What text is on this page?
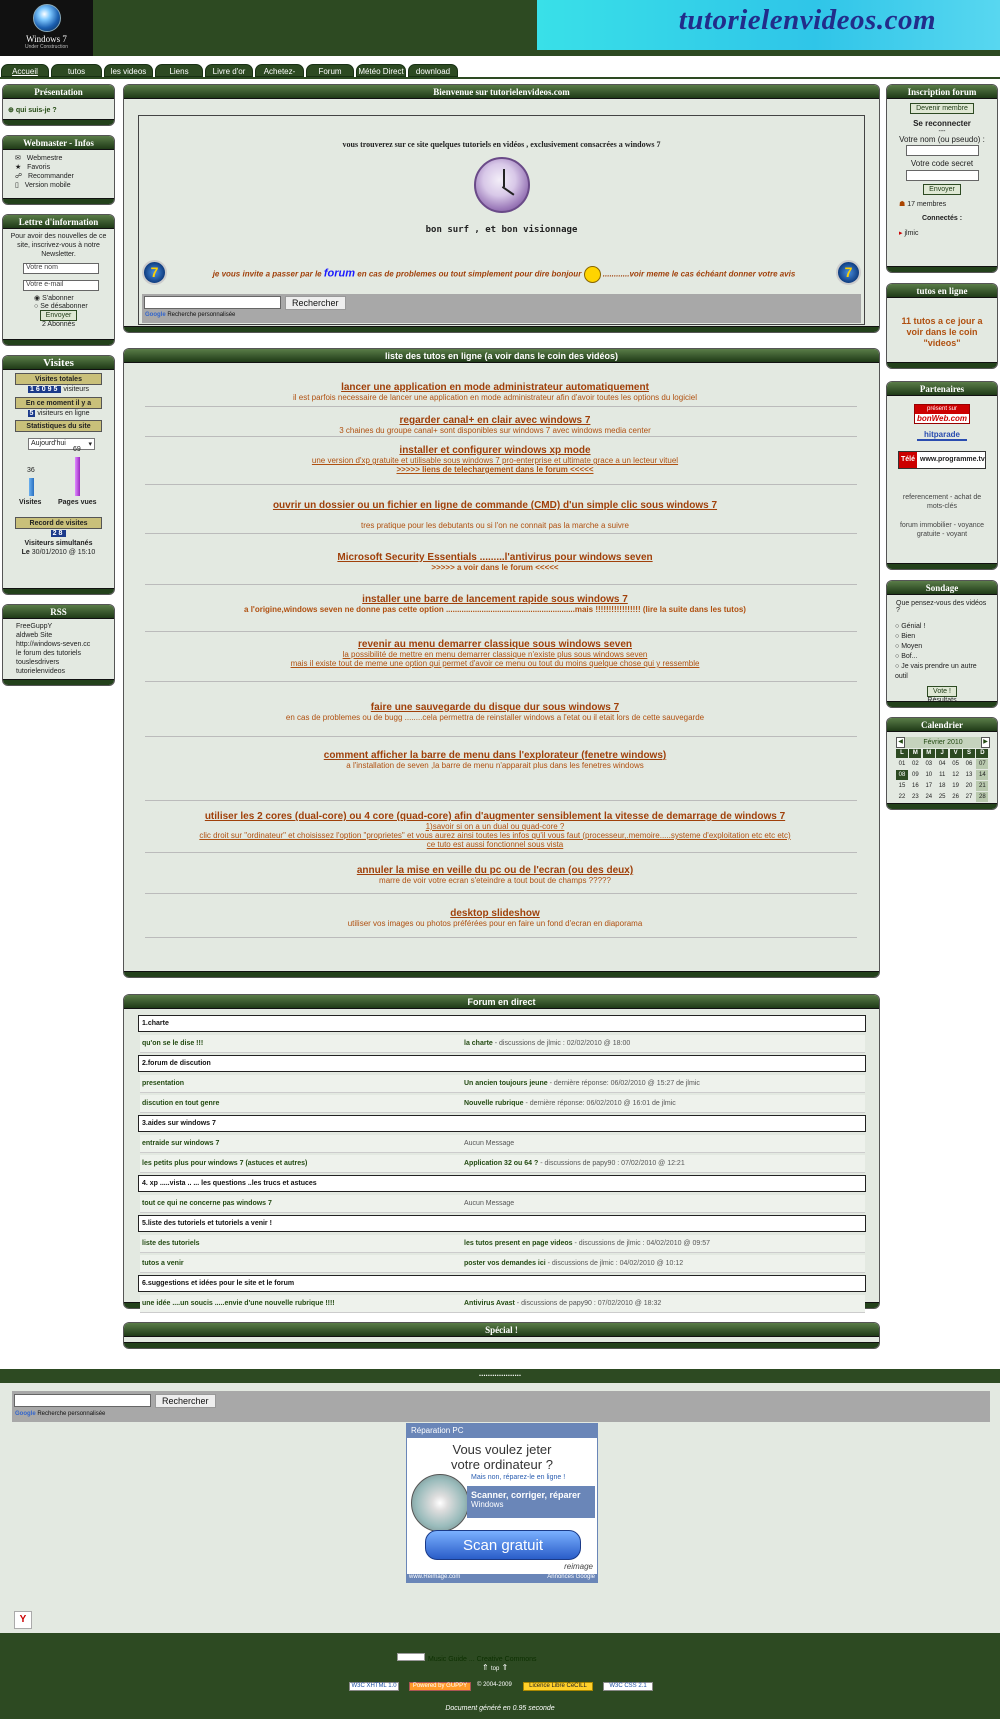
Windows 7
Under Construction
tutorielenvideos.com
Accueil	tutos	les videos	Liens	Livre d'or	Achetez-	Forum	Météo Direct	download
Présentation
⊕ qui suis-je ?
Webmaster - Infos
✉ Webmestre
★ Favoris
☍ Recommander
▯ Version mobile
Lettre d'information
Pour avoir des nouvelles de ce site, inscrivez-vous à notre Newsletter.
Votre nom
Votre e-mail
◉ S'abonner
○ Se désabonner
Envoyer
2 Abonnés
Visites
Visites totales
16095 visiteurs
En ce moment il y a
5 visiteurs en ligne
Statistiques du site
Aujourd'hui	▾
36
69
Visites Pages vues
Record de visites
28
Visiteurs simultanés
Le 30/01/2010 @ 15:10
RSS
FreeGuppY
aldweb Site
http://windows-seven.cc
le forum des tutoriels
touslesdrivers
tutorielenvideos
Bienvenue sur tutorielenvideos.com
vous trouverez sur ce site quelques tutoriels en vidéos , exclusivement consacrées a windows 7
bon surf , et bon visionnage
7	7
je vous invite a passer par le forum en cas de problemes ou tout simplement pour dire bonjour	............voir meme le cas échéant donner votre avis
Rechercher
Google Recherche personnalisée
liste des tutos en ligne (a voir dans le coin des vidéos)
lancer une application en mode administrateur automatiquement
il est parfois necessaire de lancer une application en mode administrateur afin d'avoir toutes les options du logiciel
regarder canal+ en clair avec windows 7
3 chaines du groupe canal+ sont disponibles sur windows 7 avec windows media center
installer et configurer windows xp mode
une version d'xp gratuite et utilisable sous windows 7 pro-enterprise et ultimate grace a un lecteur vituel
>>>>> liens de telechargement dans le forum <<<<<
ouvrir un dossier ou un fichier en ligne de commande (CMD) d'un simple clic sous windows 7
tres pratique pour les debutants ou si l'on ne connait pas la marche a suivre
Microsoft Security Essentials .........l'antivirus pour windows seven
>>>>> a voir dans le forum <<<<<
installer une barre de lancement rapide sous windows 7
a l'origine,windows seven ne donne pas cette option ..........................................................mais !!!!!!!!!!!!!!!!! (lire la suite dans les tutos)
revenir au menu demarrer classique sous windows seven
la possibilité de mettre en menu demarrer classique n'existe plus sous windows seven
mais il existe tout de meme une option qui permet d'avoir ce menu ou tout du moins quelque chose qui y ressemble
faire une sauvegarde du disque dur sous windows 7
en cas de problemes ou de bugg ........cela permettra de reinstaller windows a l'etat ou il etait lors de cette sauvegarde
comment afficher la barre de menu dans l'explorateur (fenetre windows)
a l'installation de seven ,la barre de menu n'apparait plus dans les fenetres windows
utiliser les 2 cores (dual-core) ou 4 core (quad-core) afin d'augmenter sensiblement la vitesse de demarrage de windows 7
1)savoir si on a un dual ou quad-core ?
clic droit sur "ordinateur" et choisissez l'option "proprietes" et vous aurez ainsi toutes les infos qu'il vous faut (processeur,.memoire.....systeme d'exploitation etc etc etc)
ce tuto est aussi fonctionnel sous vista
annuler la mise en veille du pc ou de l'ecran (ou des deux)
marre de voir votre ecran s'eteindre a tout bout de champs ?????
desktop slideshow
utiliser vos images ou photos préférées pour en faire un fond d'ecran en diaporama
Forum en direct
1.charte
qu'on se le dise !!!	la charte - discussions de jlmic : 02/02/2010 @ 18:00
2.forum de discution
presentation	Un ancien toujours jeune - dernière réponse: 06/02/2010 @ 15:27 de jlmic
discution en tout genre	Nouvelle rubrique - dernière réponse: 06/02/2010 @ 16:01 de jlmic
3.aides sur windows 7
entraide sur windows 7	Aucun Message
les petits plus pour windows 7 (astuces et autres)	Application 32 ou 64 ? - discussions de papy90 : 07/02/2010 @ 12:21
4. xp .....vista .. ... les questions ..les trucs et astuces
tout ce qui ne concerne pas windows 7	Aucun Message
5.liste des tutoriels et tutoriels a venir !
liste des tutoriels	les tutos present en page videos - discussions de jlmic : 04/02/2010 @ 09:57
tutos a venir	poster vos demandes ici - discussions de jlmic : 04/02/2010 @ 10:12
6.suggestions et idées pour le site et le forum
une idée ....un soucis .....envie d'une nouvelle rubrique !!!!	Antivirus Avast - discussions de papy90 : 07/02/2010 @ 18:32
Spécial !
Inscription forum
Devenir membre
Se reconnecter
---
Votre nom (ou pseudo) :
Votre code secret
Envoyer
☗ 17 membres
Connectés :
▸ jlmic
tutos en ligne
11 tutos a ce jour a voir dans le coin "videos"
Partenaires
présent sur
bonWeb.com
hitparade
Télé www.programme.tv
referencement - achat de mots-clés
forum immobilier - voyance gratuite - voyant
Sondage
Que pensez-vous des vidéos ?
○ Génial !
○ Bien
○ Moyen
○ Bof...
○ Je vais prendre un autre outil
Vote !
Calendrier
◀	Février 2010	▶
L	M	M	J	V	S	D
01	02	03	04	05	06	07
08	09	10	11	12	13	14
15	16	17	18	19	20	21
22	23	24	25	26	27	28
...................
Rechercher
Google Recherche personnalisée
Réparation PC
Vous voulez jeter
votre ordinateur ?
Mais non, réparez-le en ligne !
Scanner, corriger, réparer
Windows
Scan gratuit
reimage
www.Reimage.com	Annonces Google
Y
Music Guide ... Creative Commons
⇑ top ⇑
W3C XHTML 1.0	Powered by GUPPY	© 2004-2009	Licence Libre CeCILL	W3C CSS 2.1
Document généré en 0.95 seconde
